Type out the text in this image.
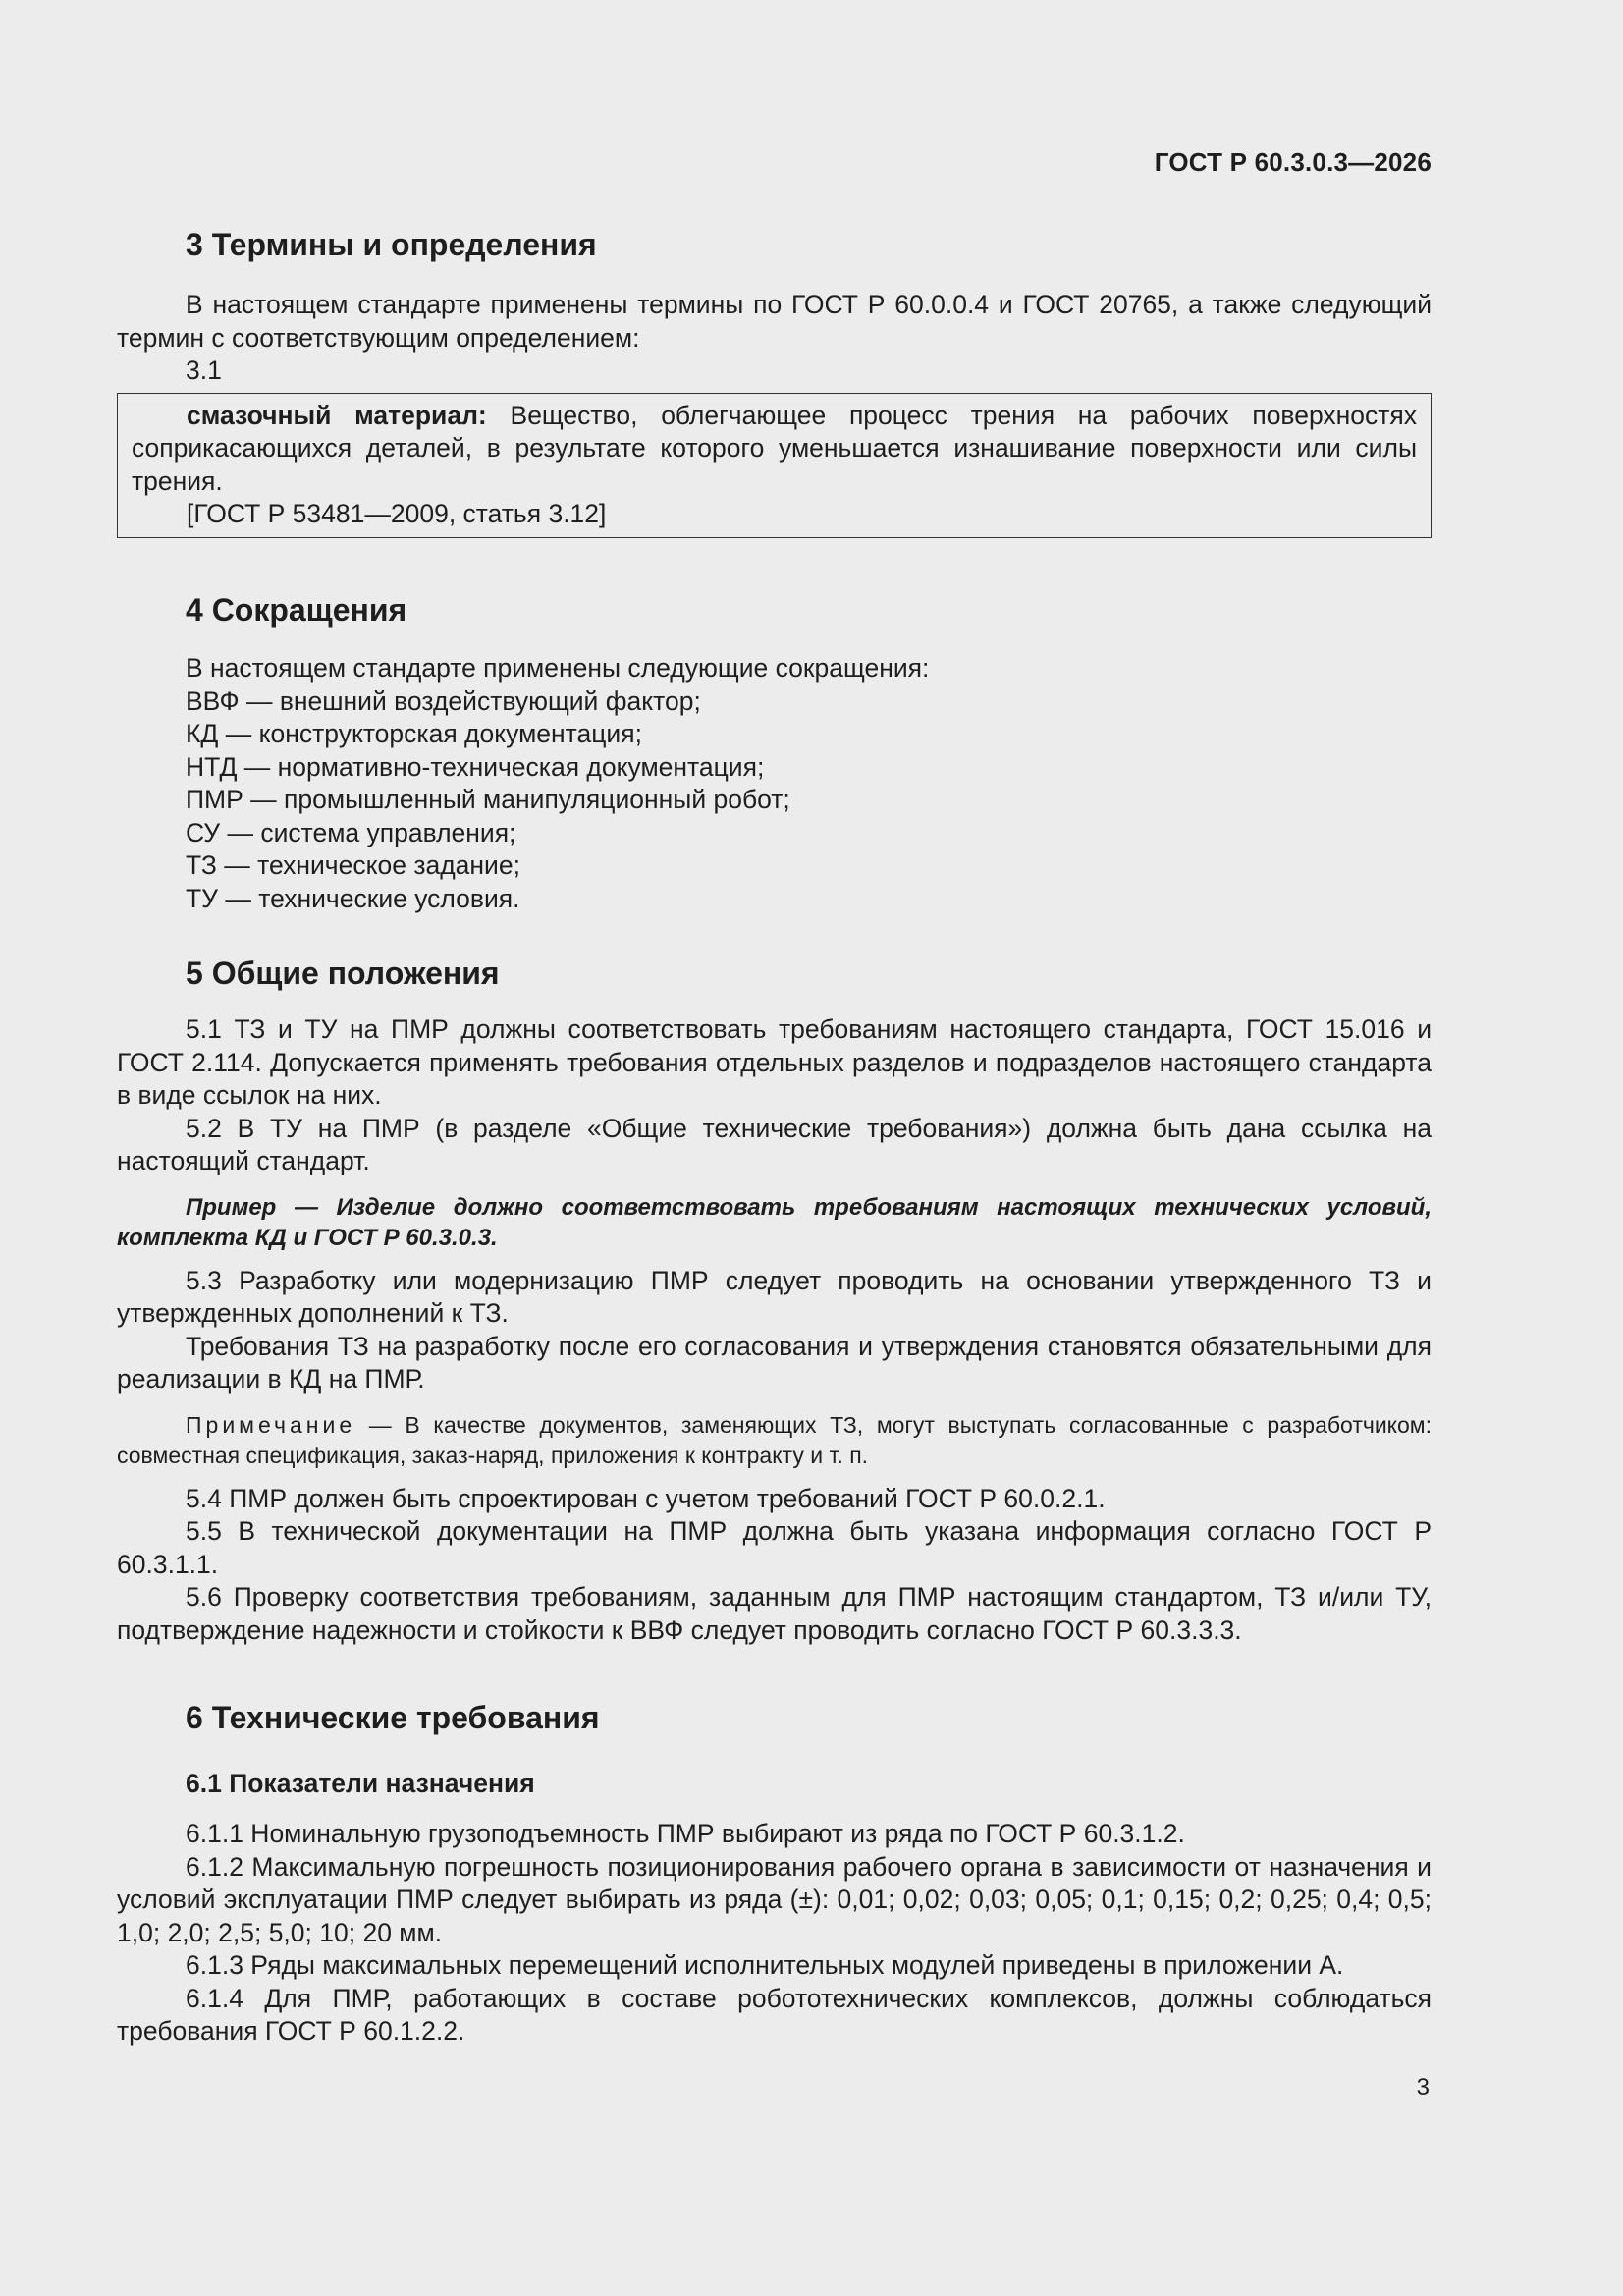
ГОСТ Р 60.3.0.3—2026
3 Термины и определения

В настоящем стандарте применены термины по ГОСТ Р 60.0.0.4 и ГОСТ 20765, а также следующий термин с соответствующим определением:

3.1

смазочный материал: Вещество, облегчающее процесс трения на рабочих поверхностях соприкасающихся деталей, в результате которого уменьшается изнашивание поверхности или силы трения.

[ГОСТ Р 53481—2009, статья 3.12]

4 Сокращения

В настоящем стандарте применены следующие сокращения:

ВВФ — внешний воздействующий фактор;

КД — конструкторская документация;

НТД — нормативно-техническая документация;

ПМР — промышленный манипуляционный робот;

СУ — система управления;

ТЗ — техническое задание;

ТУ — технические условия.

5 Общие положения

5.1 ТЗ и ТУ на ПМР должны соответствовать требованиям настоящего стандарта, ГОСТ 15.016 и ГОСТ 2.114. Допускается применять требования отдельных разделов и подразделов настоящего стандарта в виде ссылок на них.

5.2 В ТУ на ПМР (в разделе «Общие технические требования») должна быть дана ссылка на настоящий стандарт.

Пример — Изделие должно соответствовать требованиям настоящих технических условий, комплекта КД и ГОСТ Р 60.3.0.3.

5.3 Разработку или модернизацию ПМР следует проводить на основании утвержденного ТЗ и утвержденных дополнений к ТЗ.

Требования ТЗ на разработку после его согласования и утверждения становятся обязательными для реализации в КД на ПМР.

Примечание — В качестве документов, заменяющих ТЗ, могут выступать согласованные с разработчиком: совместная спецификация, заказ-наряд, приложения к контракту и т. п.

5.4 ПМР должен быть спроектирован с учетом требований ГОСТ Р 60.0.2.1.

5.5 В технической документации на ПМР должна быть указана информация согласно ГОСТ Р 60.3.1.1.

5.6 Проверку соответствия требованиям, заданным для ПМР настоящим стандартом, ТЗ и/или ТУ, подтверждение надежности и стойкости к ВВФ следует проводить согласно ГОСТ Р 60.3.3.3.

6 Технические требования
6.1 Показатели назначения

6.1.1 Номинальную грузоподъемность ПМР выбирают из ряда по ГОСТ Р 60.3.1.2.

6.1.2 Максимальную погрешность позиционирования рабочего органа в зависимости от назначения и условий эксплуатации ПМР следует выбирать из ряда (±): 0,01; 0,02; 0,03; 0,05; 0,1; 0,15; 0,2; 0,25; 0,4; 0,5; 1,0; 2,0; 2,5; 5,0; 10; 20 мм.

6.1.3 Ряды максимальных перемещений исполнительных модулей приведены в приложении А.

6.1.4 Для ПМР, работающих в составе робототехнических комплексов, должны соблюдаться требования ГОСТ Р 60.1.2.2.

3
